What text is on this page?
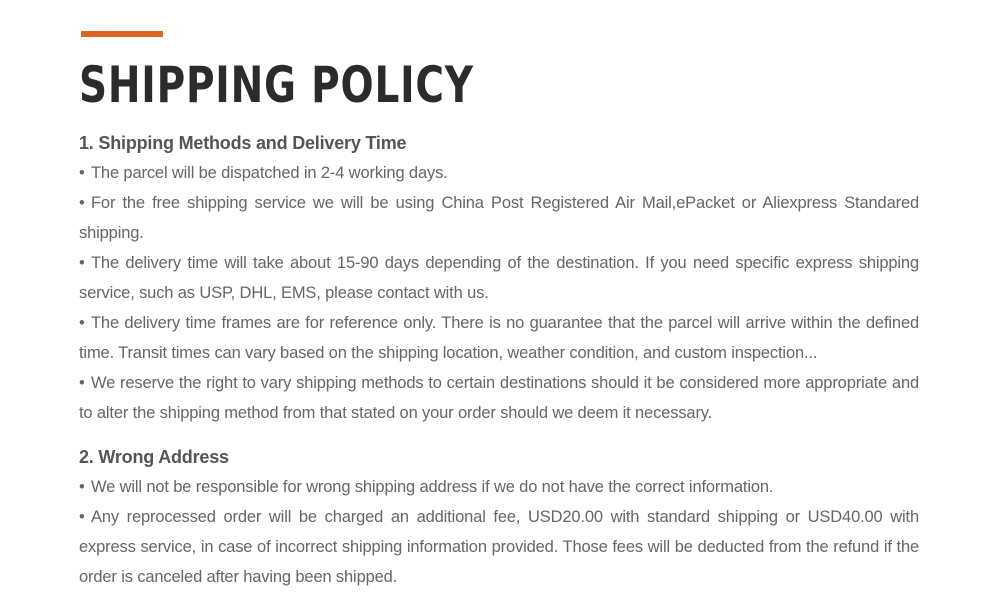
SHIPPING POLICY
1. Shipping Methods and Delivery Time

• The parcel will be dispatched in 2-4 working days.
• For the free shipping service we will be using China Post Registered Air Mail,ePacket or Aliexpress Standared shipping.
• The delivery time will take about 15-90 days depending of the destination. If you need specific express shipping service, such as USP, DHL, EMS, please contact with us.
• The delivery time frames are for reference only. There is no guarantee that the parcel will arrive within the defined time. Transit times can vary based on the shipping location, weather condition, and custom inspection...
• We reserve the right to vary shipping methods to certain destinations should it be considered more appropriate and to alter the shipping method from that stated on your order should we deem it necessary.

2. Wrong Address

• We will not be responsible for wrong shipping address if we do not have the correct information.
• Any reprocessed order will be charged an additional fee, USD20.00 with standard shipping or USD40.00 with express service, in case of incorrect shipping information provided. Those fees will be deducted from the refund if the order is canceled after having been shipped.
